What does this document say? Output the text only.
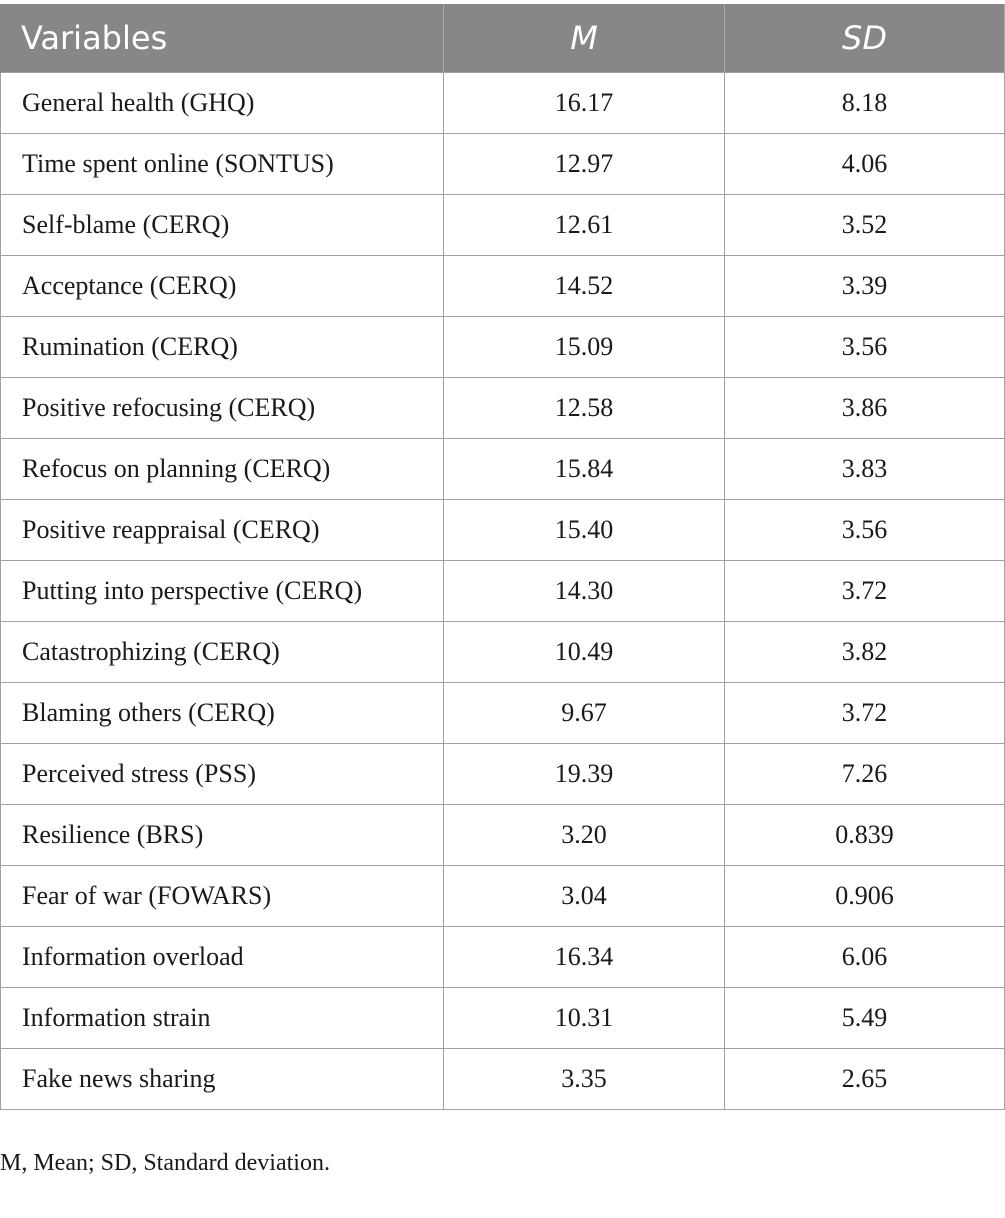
Variables	M	SD
General health (GHQ)	16.17	8.18
Time spent online (SONTUS)	12.97	4.06
Self-blame (CERQ)	12.61	3.52
Acceptance (CERQ)	14.52	3.39
Rumination (CERQ)	15.09	3.56
Positive refocusing (CERQ)	12.58	3.86
Refocus on planning (CERQ)	15.84	3.83
Positive reappraisal (CERQ)	15.40	3.56
Putting into perspective (CERQ)	14.30	3.72
Catastrophizing (CERQ)	10.49	3.82
Blaming others (CERQ)	9.67	3.72
Perceived stress (PSS)	19.39	7.26
Resilience (BRS)	3.20	0.839
Fear of war (FOWARS)	3.04	0.906
Information overload	16.34	6.06
Information strain	10.31	5.49
Fake news sharing	3.35	2.65
M, Mean; SD, Standard deviation.
